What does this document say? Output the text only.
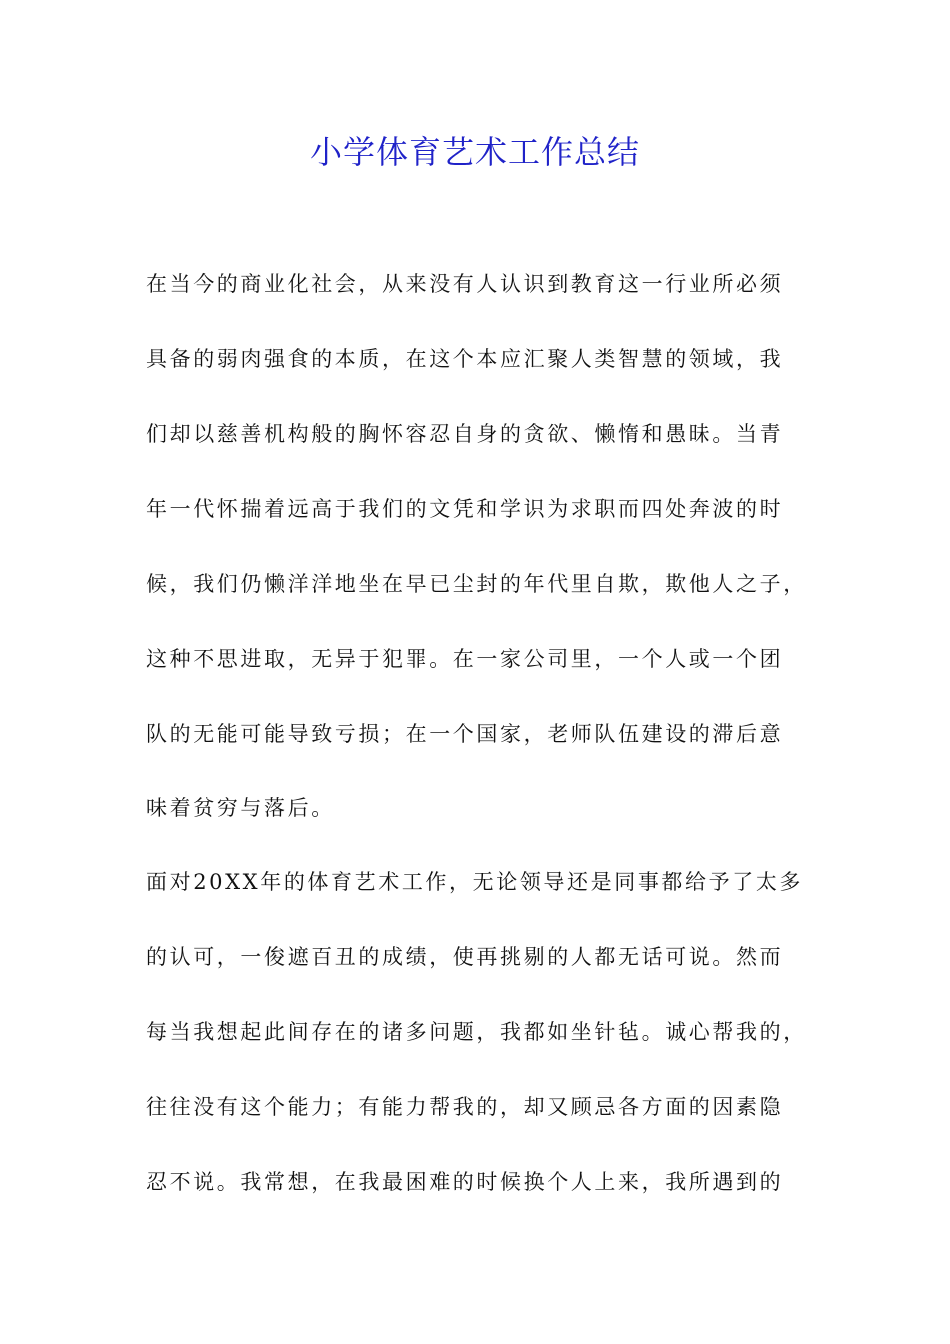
小学体育艺术工作总结
在当今的商业化社会，从来没有人认识到教育这一行业所必须
具备的弱肉强食的本质，在这个本应汇聚人类智慧的领域，我
们却以慈善机构般的胸怀容忍自身的贪欲、懒惰和愚昧。当青
年一代怀揣着远高于我们的文凭和学识为求职而四处奔波的时
候，我们仍懒洋洋地坐在早已尘封的年代里自欺，欺他人之子，
这种不思进取，无异于犯罪。在一家公司里，一个人或一个团
队的无能可能导致亏损；在一个国家，老师队伍建设的滞后意
味着贫穷与落后。
面对20XX年的体育艺术工作，无论领导还是同事都给予了太多
的认可，一俊遮百丑的成绩，使再挑剔的人都无话可说。然而
每当我想起此间存在的诸多问题，我都如坐针毡。诚心帮我的，
往往没有这个能力；有能力帮我的，却又顾忌各方面的因素隐
忍不说。我常想，在我最困难的时候换个人上来，我所遇到的
